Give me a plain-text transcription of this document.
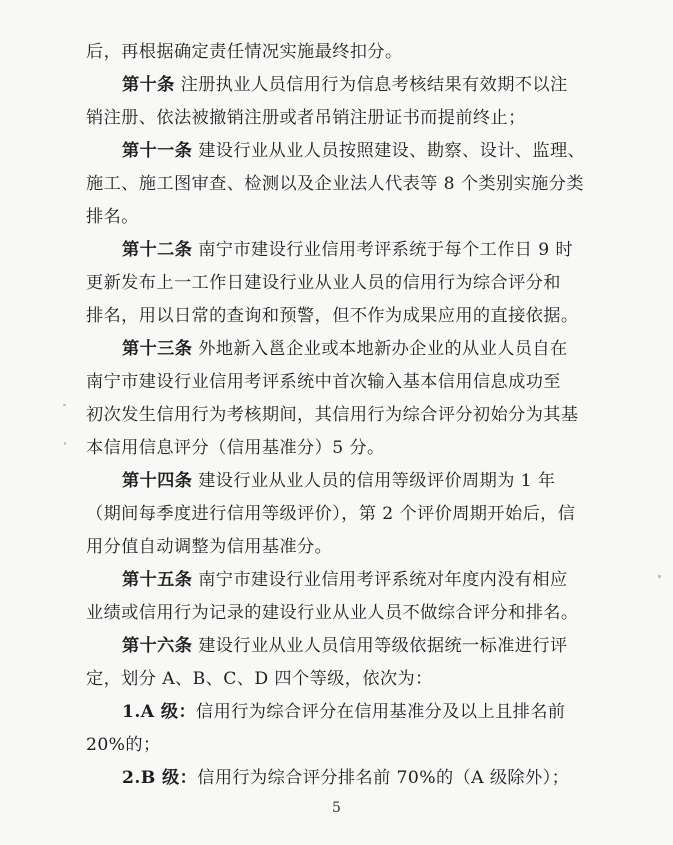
后，再根据确定责任情况实施最终扣分。
第十条 注册执业人员信用行为信息考核结果有效期不以注
销注册、依法被撤销注册或者吊销注册证书而提前终止；
第十一条 建设行业从业人员按照建设、勘察、设计、监理、
施工、施工图审查、检测以及企业法人代表等 8 个类别实施分类
排名。
第十二条 南宁市建设行业信用考评系统于每个工作日 9 时
更新发布上一工作日建设行业从业人员的信用行为综合评分和
排名，用以日常的查询和预警，但不作为成果应用的直接依据。
第十三条 外地新入邕企业或本地新办企业的从业人员自在
南宁市建设行业信用考评系统中首次输入基本信用信息成功至
初次发生信用行为考核期间，其信用行为综合评分初始分为其基
本信用信息评分（信用基准分）5 分。
第十四条 建设行业从业人员的信用等级评价周期为 1 年
（期间每季度进行信用等级评价），第 2 个评价周期开始后，信
用分值自动调整为信用基准分。
第十五条 南宁市建设行业信用考评系统对年度内没有相应
业绩或信用行为记录的建设行业从业人员不做综合评分和排名。
第十六条 建设行业从业人员信用等级依据统一标准进行评
定，划分 A、B、C、D 四个等级，依次为：
1.A 级：信用行为综合评分在信用基准分及以上且排名前
20%的；
2.B 级：信用行为综合评分排名前 70%的（A 级除外）；
5
